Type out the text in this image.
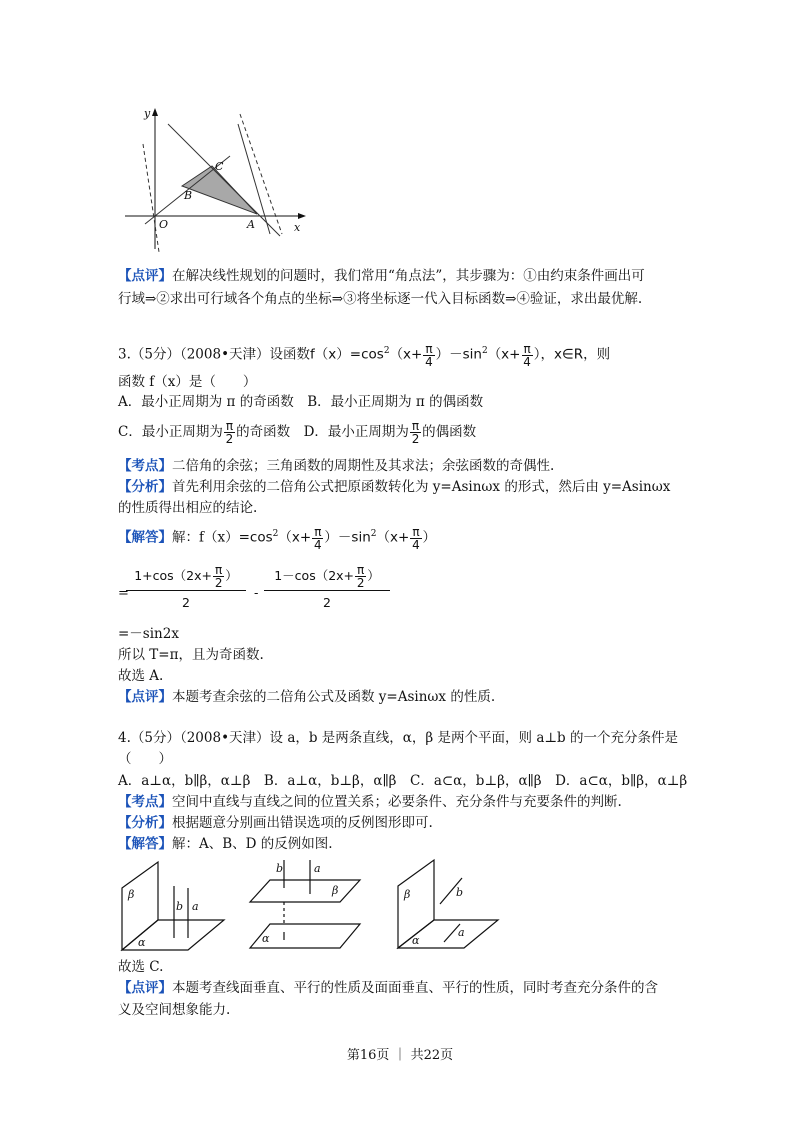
y
x
O	A
B
C
【点评】在解决线性规划的问题时，我们常用“角点法”，其步骤为：①由约束条件画出可
行域⇒②求出可行域各个角点的坐标⇒③将坐标逐一代入目标函数⇒④验证，求出最优解.
3.（5分）（2008•天津）设函数$f(x)=\cos^2(x+ \frac{\pi}{4} )-\sin^2(x+ \frac{\pi}{4}$ ），x∈R，则
函数 f（x）是（　　）
A．最小正周期为 π 的奇函数　 B．最小正周期为 π 的偶函数
C．最小正周期为 $\frac{\pi}{2}$ 的奇函数　 D．最小正周期为 $\frac{\pi}{2}$ 的偶函数
【考点】二倍角的余弦；三角函数的周期性及其求法；余弦函数的奇偶性.
【分析】首先利用余弦的二倍角公式把原函数转化为 y=Asinωx 的形式，然后由 y=Asinωx
的性质得出相应的结论.
【解答】解：$f(x)=\cos^2(x+ \frac{\pi}{4} )-\sin^2(x+ \frac{\pi}{4}$ ）
=
$1+\cos(2x+ \frac{\pi}{2}$ ）
2
-
$1-\cos(2x+ \frac{\pi}{2}$ ）
2
=－sin2x
所以 T=π，且为奇函数.
故选 A.
【点评】本题考查余弦的二倍角公式及函数 y=Asinωx 的性质.
4.（5分）（2008•天津）设 a，b 是两条直线，α，β 是两个平面，则 a⊥b 的一个充分条件是
（　　）
A．a⊥α，b∥β，α⊥β　B．a⊥α，b⊥β，α∥β　C．a⊂α，b⊥β，α∥β　D．a⊂α，b∥β，α⊥β
【考点】空间中直线与直线之间的位置关系；必要条件、充分条件与充要条件的判断.
【分析】根据题意分别画出错误选项的反例图形即可.
【解答】解：A、B、D 的反例如图.
β
b a
α
b	a
β
α
β	b
a
α
故选 C.
【点评】本题考查线面垂直、平行的性质及面面垂直、平行的性质，同时考查充分条件的含
义及空间想象能力.
第16页 ｜ 共22页
